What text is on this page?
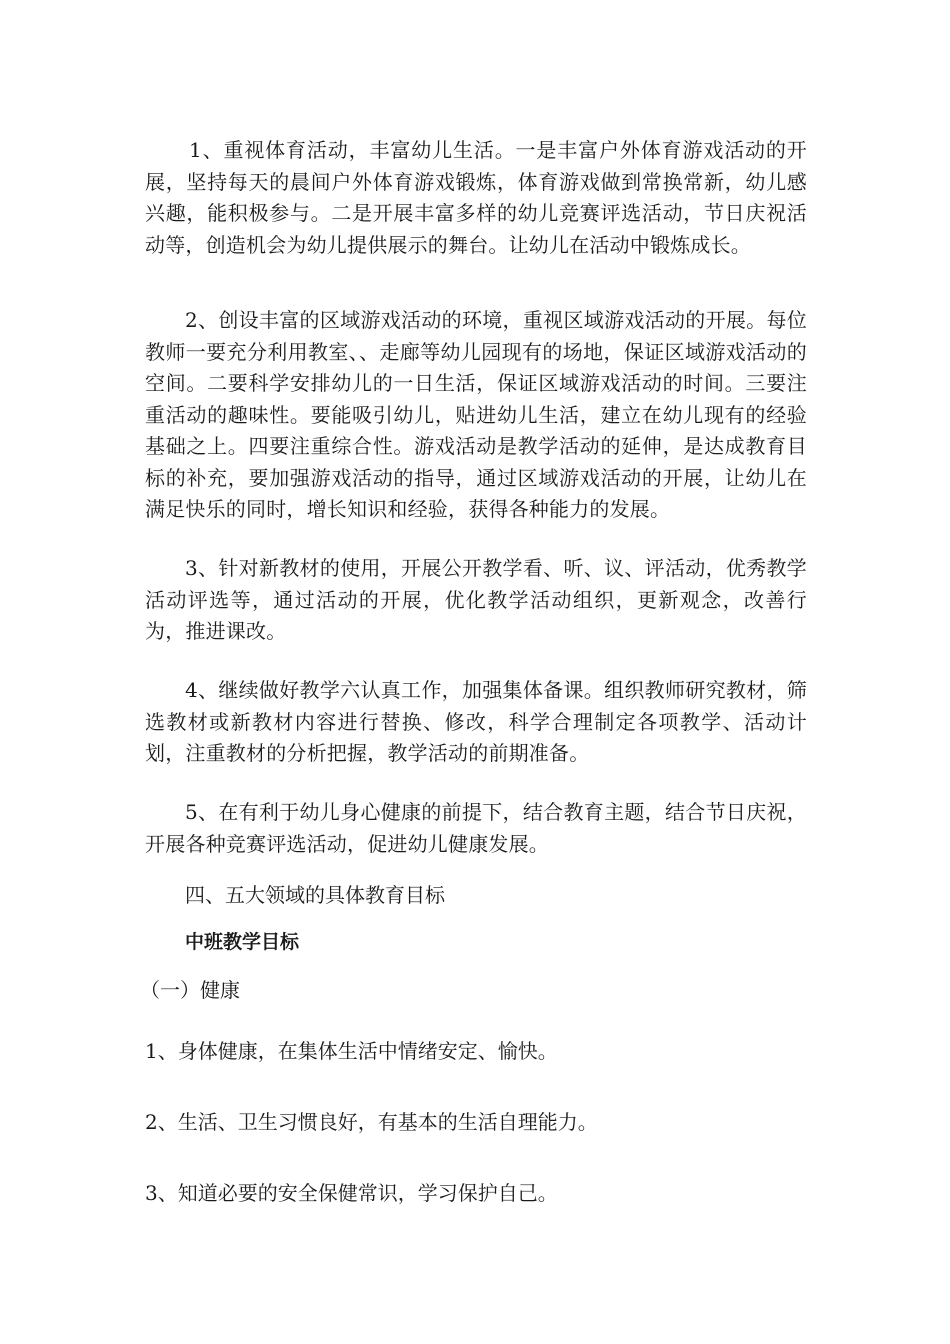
1、重视体育活动，丰富幼儿生活。一是丰富户外体育游戏活动的开展，坚持每天的晨间户外体育游戏锻炼，体育游戏做到常换常新，幼儿感兴趣，能积极参与。二是开展丰富多样的幼儿竞赛评选活动，节日庆祝活动等，创造机会为幼儿提供展示的舞台。让幼儿在活动中锻炼成长。

2、创设丰富的区域游戏活动的环境，重视区域游戏活动的开展。每位教师一要充分利用教室、、走廊等幼儿园现有的场地，保证区域游戏活动的空间。二要科学安排幼儿的一日生活，保证区域游戏活动的时间。三要注重活动的趣味性。要能吸引幼儿，贴进幼儿生活，建立在幼儿现有的经验基础之上。四要注重综合性。游戏活动是教学活动的延伸，是达成教育目标的补充，要加强游戏活动的指导，通过区域游戏活动的开展，让幼儿在满足快乐的同时，增长知识和经验，获得各种能力的发展。

3、针对新教材的使用，开展公开教学看、听、议、评活动，优秀教学活动评选等，通过活动的开展，优化教学活动组织，更新观念，改善行为，推进课改。

4、继续做好教学六认真工作，加强集体备课。组织教师研究教材，筛选教材或新教材内容进行替换、修改，科学合理制定各项教学、活动计划，注重教材的分析把握，教学活动的前期准备。

5、在有利于幼儿身心健康的前提下，结合教育主题，结合节日庆祝，开展各种竞赛评选活动，促进幼儿健康发展。

四、五大领域的具体教育目标

中班教学目标

（一）健康

1、身体健康，在集体生活中情绪安定、愉快。

2、生活、卫生习惯良好，有基本的生活自理能力。

3、知道必要的安全保健常识，学习保护自己。
